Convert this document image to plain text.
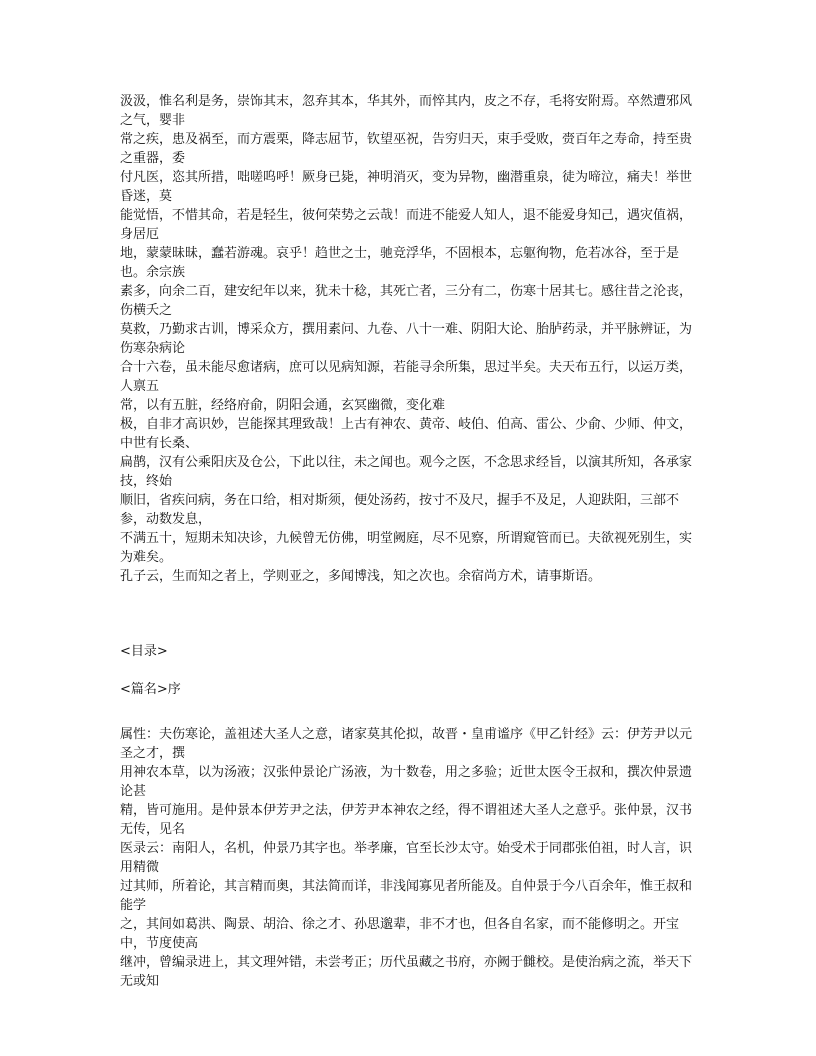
汲汲，惟名利是务，崇饰其末，忽弃其本，华其外，而悴其内，皮之不存，毛将安附焉。卒然遭邪风之气，婴非

常之疾，患及祸至，而方震栗，降志屈节，钦望巫祝，告穷归天，束手受败，赍百年之寿命，持至贵之重器，委

付凡医，恣其所措，咄嗟呜呼！厥身已毙，神明消灭，变为异物，幽潜重泉，徒为啼泣，痛夫！举世昏迷，莫

能觉悟，不惜其命，若是轻生，彼何荣势之云哉！而进不能爱人知人，退不能爱身知己，遇灾值祸，身居厄

地，蒙蒙昧昧，蠢若游魂。哀乎！趋世之士，驰竞浮华，不固根本，忘躯徇物，危若冰谷，至于是也。余宗族

素多，向余二百，建安纪年以来，犹未十稔，其死亡者，三分有二，伤寒十居其七。感往昔之沦丧，伤横夭之

莫救，乃勤求古训，博采众方，撰用素问、九卷、八十一难、阴阳大论、胎胪药录，并平脉辨证，为伤寒杂病论

合十六卷，虽未能尽愈诸病，庶可以见病知源，若能寻余所集，思过半矣。夫天布五行，以运万类，人禀五

常，以有五脏，经络府俞，阴阳会通，玄冥幽微，变化难

极，自非才高识妙，岂能探其理致哉！上古有神农、黄帝、岐伯、伯高、雷公、少俞、少师、仲文，中世有长桑、

扁鹊，汉有公乘阳庆及仓公，下此以往，未之闻也。观今之医，不念思求经旨，以演其所知，各承家技，终始

顺旧，省疾问病，务在口给，相对斯须，便处汤药，按寸不及尺，握手不及足，人迎趺阳，三部不参，动数发息，

不满五十，短期未知决诊，九候曾无仿佛，明堂阙庭，尽不见察，所谓窥管而已。夫欲视死别生，实为难矣。

孔子云，生而知之者上，学则亚之，多闻博浅，知之次也。余宿尚方术，请事斯语。

<目录>

<篇名>序

属性：夫伤寒论，盖祖述大圣人之意，诸家莫其伦拟，故晋・皇甫谧序《甲乙针经》云：伊芳尹以元圣之才，撰

用神农本草，以为汤液；汉张仲景论广汤液，为十数卷，用之多验；近世太医令王叔和，撰次仲景遗论甚

精，皆可施用。是仲景本伊芳尹之法，伊芳尹本神农之经，得不谓祖述大圣人之意乎。张仲景，汉书无传，见名

医录云：南阳人，名机，仲景乃其字也。举孝廉，官至长沙太守。始受术于同郡张伯祖，时人言，识用精微

过其师，所着论，其言精而奥，其法简而详，非浅闻寡见者所能及。自仲景于今八百余年，惟王叔和能学

之，其间如葛洪、陶景、胡洽、徐之才、孙思邈辈，非不才也，但各自名家，而不能修明之。开宝中，节度使高

继冲，曾编录进上，其文理舛错，未尝考正；历代虽藏之书府，亦阙于雠校。是使治病之流，举天下无或知
